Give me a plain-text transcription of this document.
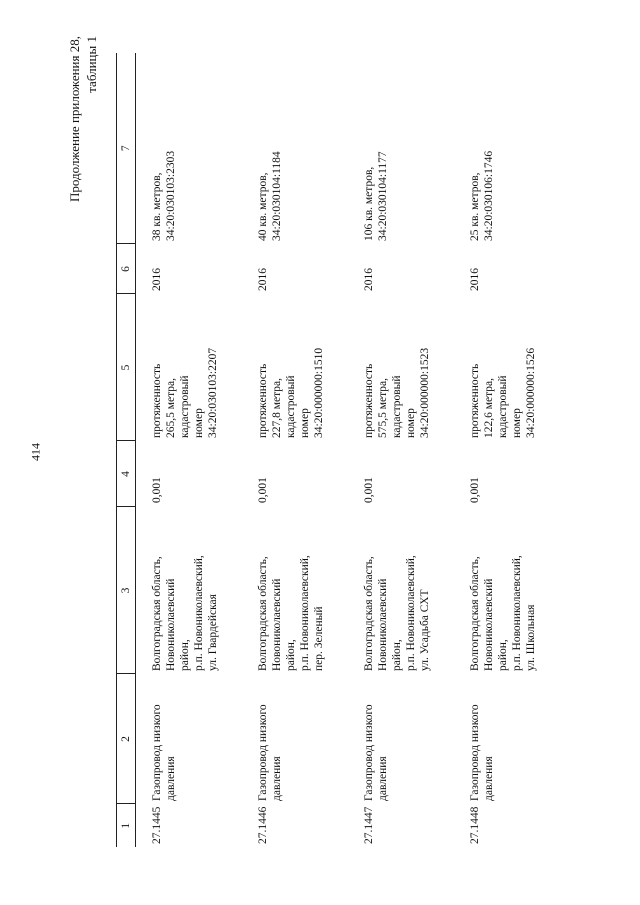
414
Продолжение приложения 28, таблицы 1
1	2	3	4	5	6	7
27.1445	Газопровод низкого давления	Волгоградская область,
Новониколаевский
район,
р.п. Новониколаевский,
ул. Гвардейская	0,001	протяженность
265,5 метра,
кадастровый
номер
34:20:030103:2207	2016	38 кв. метров,
34:20:030103:2303
27.1446	Газопровод низкого давления	Волгоградская область,
Новониколаевский
район,
р.п. Новониколаевский,
пер. Зеленый	0,001	протяженность
227,8 метра,
кадастровый
номер
34:20:000000:1510	2016	40 кв. метров,
34:20:030104:1184
27.1447	Газопровод низкого давления	Волгоградская область,
Новониколаевский
район,
р.п. Новониколаевский,
ул. Усадьба СХТ	0,001	протяженность
575,5 метра,
кадастровый
номер
34:20:000000:1523	2016	106 кв. метров,
34:20:030104:1177
27.1448	Газопровод низкого давления	Волгоградская область,
Новониколаевский
район,
р.п. Новониколаевский,
ул. Школьная	0,001	протяженность
122,6 метра,
кадастровый
номер
34:20:000000:1526	2016	25 кв. метров,
34:20:030106:1746
